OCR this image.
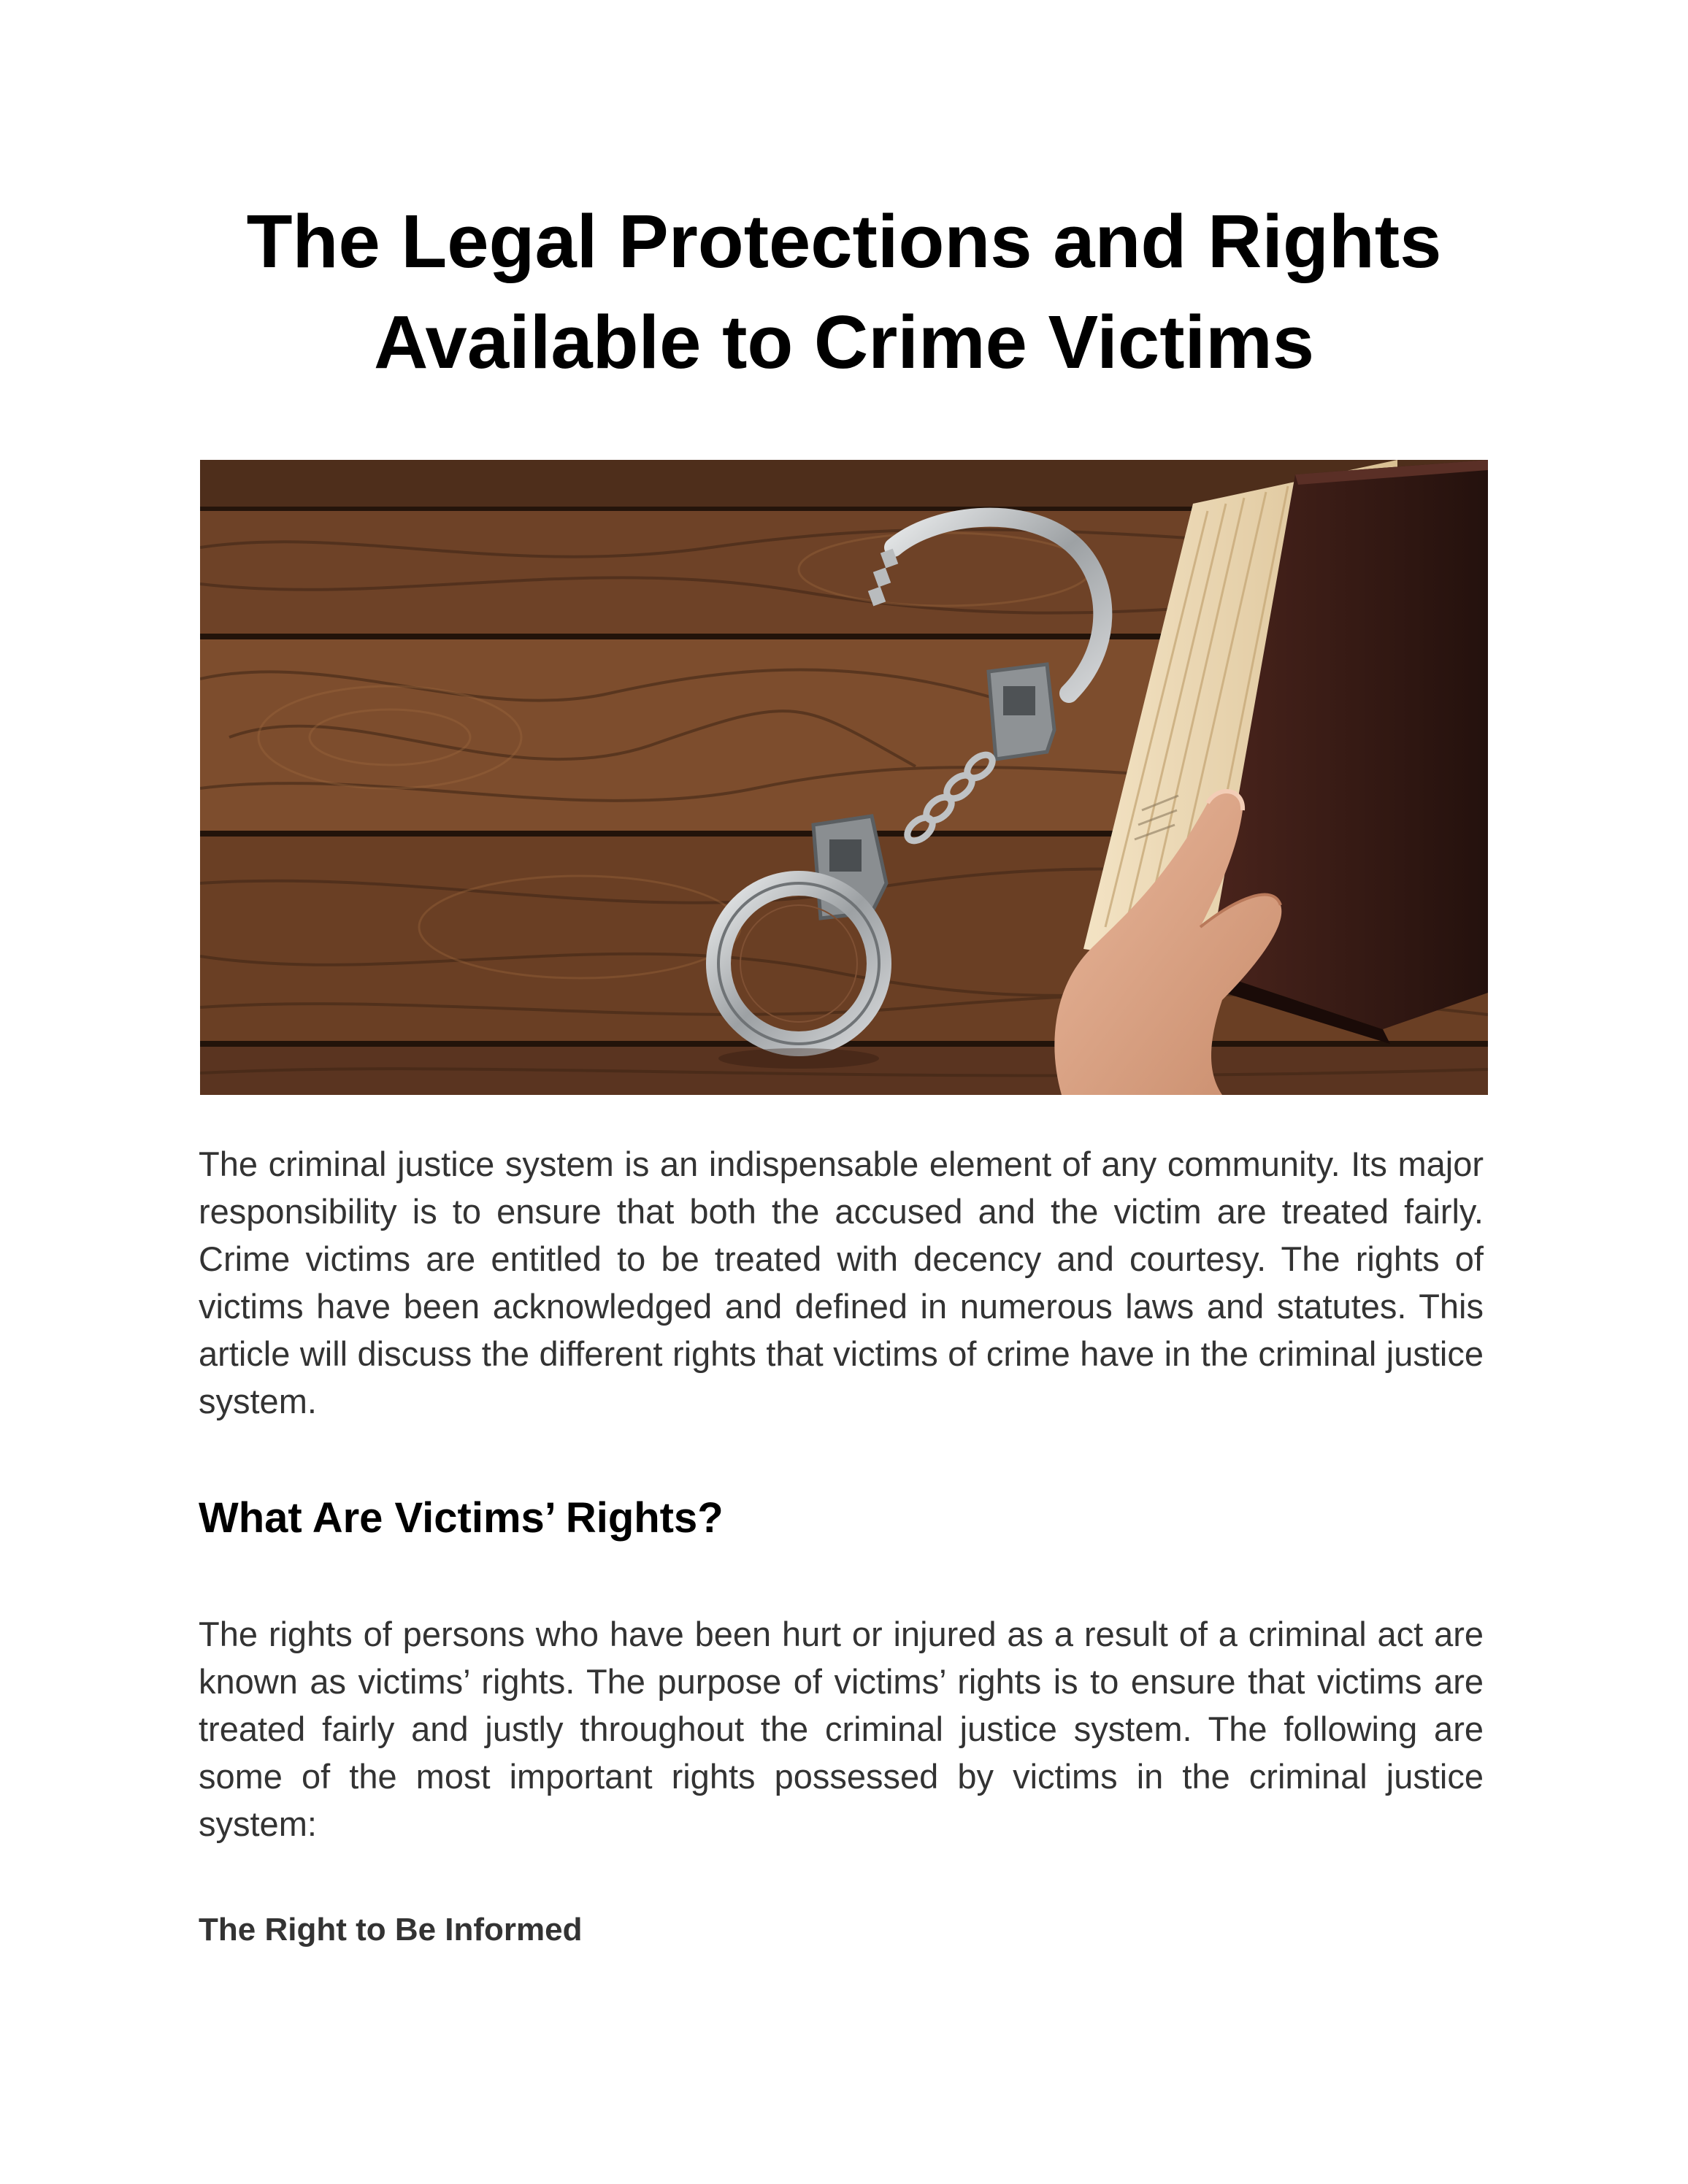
The Legal Protections and Rights Available to Crime Victims

The criminal justice system is an indispensable element of any community. Its major responsibility is to ensure that both the accused and the victim are treated fairly. Crime victims are entitled to be treated with decency and courtesy. The rights of victims have been acknowledged and defined in numerous laws and statutes. This article will discuss the different rights that victims of crime have in the criminal justice system.

What Are Victims’ Rights?

The rights of persons who have been hurt or injured as a result of a criminal act are known as victims’ rights. The purpose of victims’ rights is to ensure that victims are treated fairly and justly throughout the criminal justice system. The following are some of the most important rights possessed by victims in the criminal justice system:

The Right to Be Informed
